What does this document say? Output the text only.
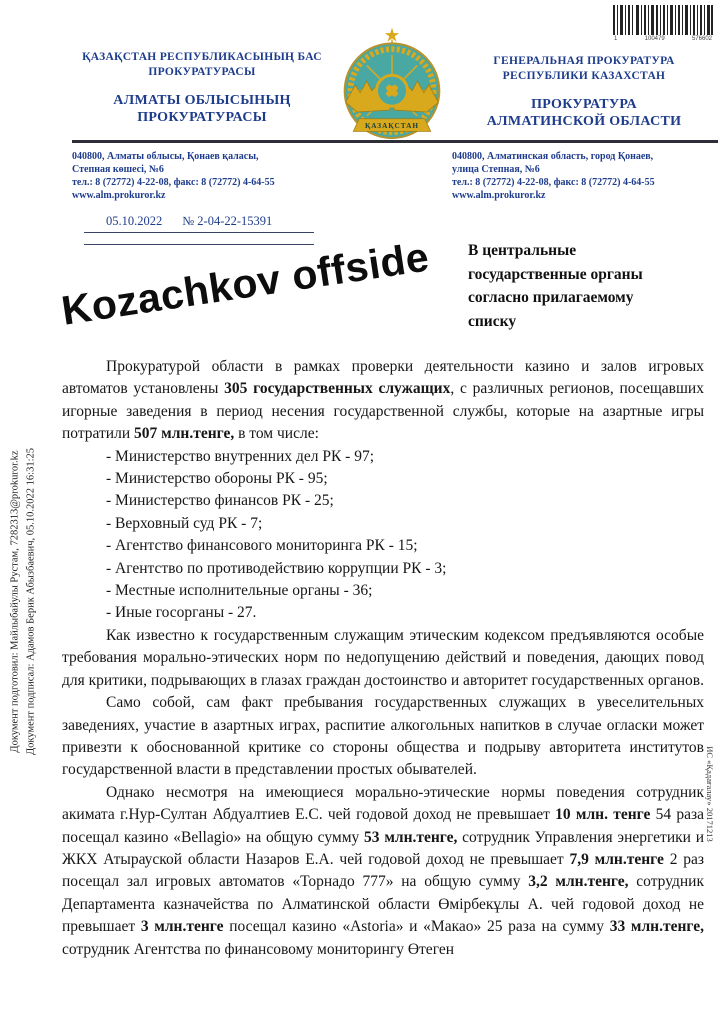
1	100479	576602
ҚАЗАҚСТАН РЕСПУБЛИКАСЫНЫҢ БАС
ПРОКУРАТУРАСЫ
АЛМАТЫ ОБЛЫСЫНЫҢ
ПРОКУРАТУРАСЫ
ҚАЗАҚСТАН
ГЕНЕРАЛЬНАЯ ПРОКУРАТУРА
РЕСПУБЛИКИ КАЗАХСТАН
ПРОКУРАТУРА
АЛМАТИНСКОЙ ОБЛАСТИ
040800, Алматы облысы, Қонаев қаласы,
Степная көшесі, №6
тел.: 8 (72772) 4-22-08, факс: 8 (72772) 4-64-55
www.alm.prokuror.kz
040800, Алматинская область, город Қонаев,
улица Степная, №6
тел.: 8 (72772) 4-22-08, факс: 8 (72772) 4-64-55
www.alm.prokuror.kz
05.10.2022 № 2-04-22-15391
Kozachkov offside В центральные государственные органы согласно прилагаемому списку

Прокуратурой области в рамках проверки деятельности казино и залов игровых автоматов установлены 305 государственных служащих, с различных регионов, посещавших игорные заведения в период несения государственной службы, которые на азартные игры потратили 507 млн.тенге, в том числе:

- Министерство внутренних дел РК - 97;

- Министерство обороны РК - 95;

- Министерство финансов РК - 25;

- Верховный суд РК - 7;

- Агентство финансового мониторинга РК - 15;

- Агентство по противодействию коррупции РК - 3;

- Местные исполнительные органы - 36;

- Иные госорганы - 27.

Как известно к государственным служащим этическим кодексом предъявляются особые требования морально-этических норм по недопущению действий и поведения, дающих повод для критики, подрывающих в глазах граждан достоинство и авторитет государственных органов.

Само собой, сам факт пребывания государственных служащих в увеселительных заведениях, участие в азартных играх, распитие алкогольных напитков в случае огласки может привезти к обоснованной критике со стороны общества и подрыву авторитета институтов государственной власти в представлении простых обывателей.

Однако несмотря на имеющиеся морально-этические нормы поведения сотрудник акимата г.Нур-Султан Абдуалтиев Е.С. чей годовой доход не превышает 10 млн. тенге 54 раза посещал казино «Bellagio» на общую сумму 53 млн.тенге, сотрудник Управления энергетики и ЖКХ Атырауской области Назаров Е.А. чей годовой доход не превышает 7,9 млн.тенге 2 раз посещал зал игровых автоматов «Торнадо 777» на общую сумму 3,2 млн.тенге, сотрудник Департамента казначейства по Алматинской области Өмірбекұлы А. чей годовой доход не превышает 3 млн.тенге посещал казино «Astoria» и «Макао» 25 раза на сумму 33 млн.тенге, сотрудник Агентства по финансовому мониторингу Өтеген

Документ подготовил: Майлыбайулы Рустам, 7282313@prokuror.kz Документ подписал: Адамов Берик Абызбаевич, 05.10.2022 16:31:25
ИС «Қадағалау» 20171213
